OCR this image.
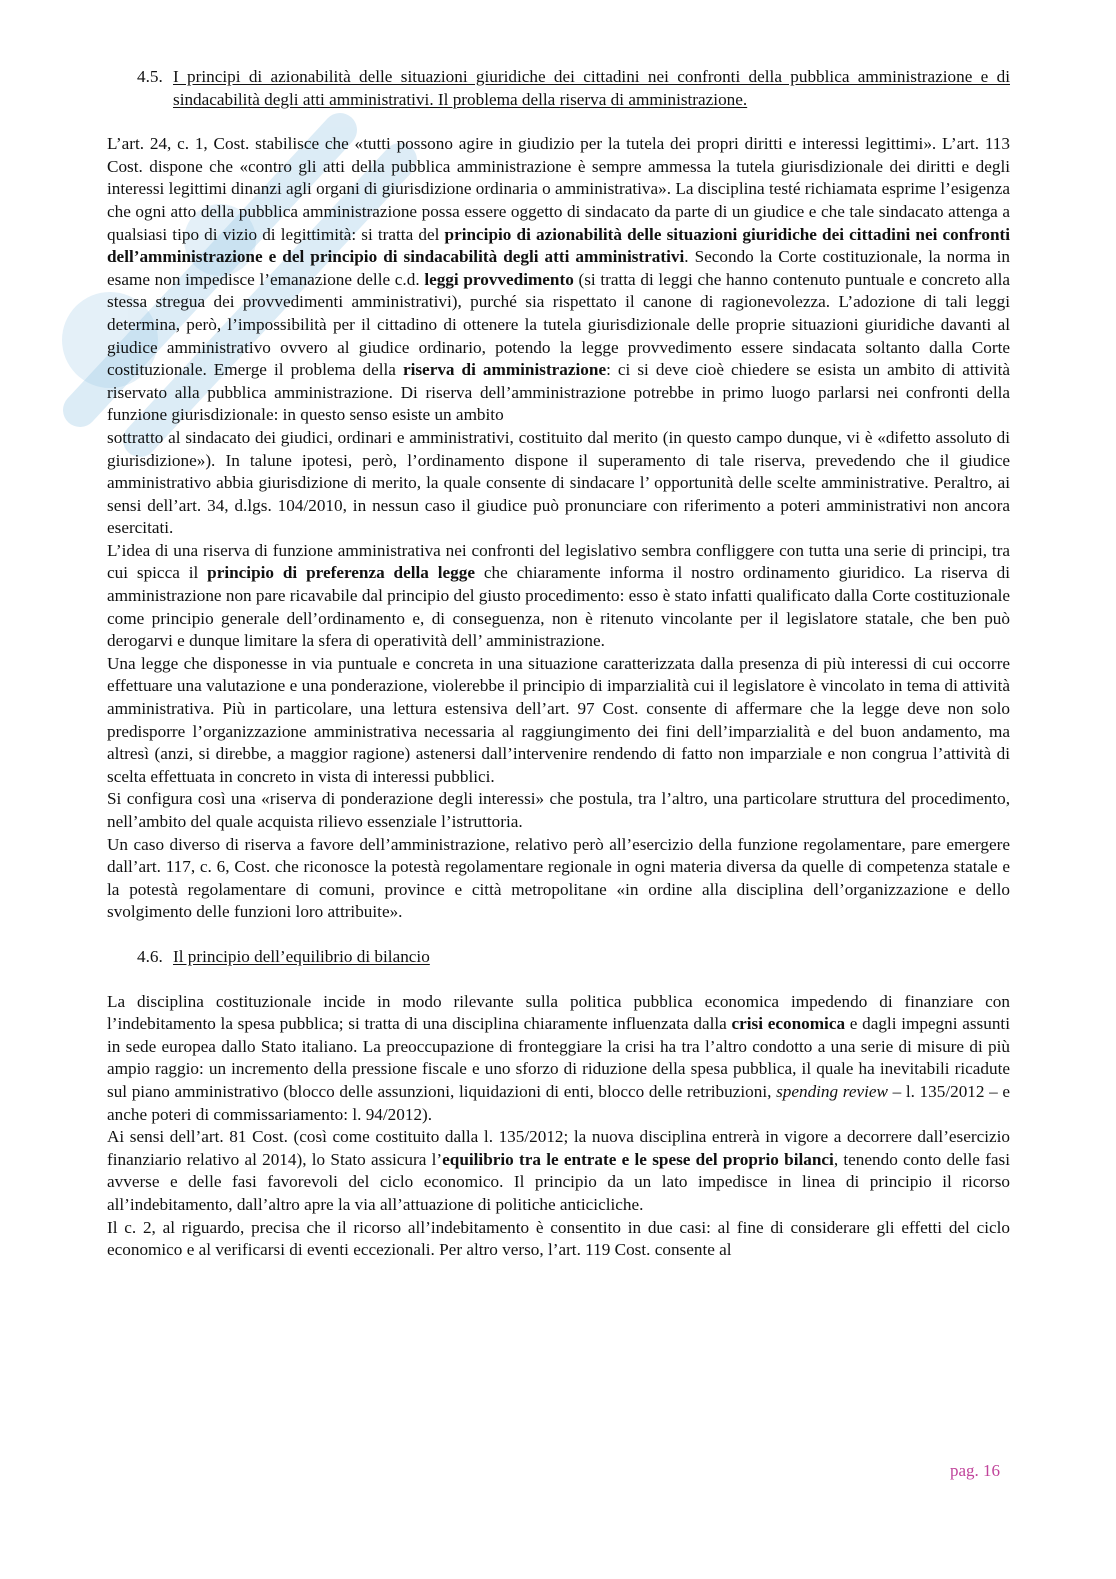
4.5. I principi di azionabilità delle situazioni giuridiche dei cittadini nei confronti della pubblica amministrazione e di sindacabilità degli atti amministrativi. Il problema della riserva di amministrazione.

L’art. 24, c. 1, Cost. stabilisce che «tutti possono agire in giudizio per la tutela dei propri diritti e interessi legittimi». L’art. 113 Cost. dispone che «contro gli atti della pubblica amministrazione è sempre ammessa la tutela giurisdizionale dei diritti e degli interessi legittimi dinanzi agli organi di giurisdizione ordinaria o amministrativa». La disciplina testé richiamata esprime l’esigenza che ogni atto della pubblica amministrazione possa essere oggetto di sindacato da parte di un giudice e che tale sindacato attenga a qualsiasi tipo di vizio di legittimità: si tratta del principio di azionabilità delle situazioni giuridiche dei cittadini nei confronti dell’amministrazione e del principio di sindacabilità degli atti amministrativi. Secondo la Corte costituzionale, la norma in esame non impedisce l’emanazione delle c.d. leggi provvedimento (si tratta di leggi che hanno contenuto puntuale e concreto alla stessa stregua dei provvedimenti amministrativi), purché sia rispettato il canone di ragionevolezza. L’adozione di tali leggi determina, però, l’impossibilità per il cittadino di ottenere la tutela giurisdizionale delle proprie situazioni giuridiche davanti al giudice amministrativo ovvero al giudice ordinario, potendo la legge provvedimento essere sindacata soltanto dalla Corte costituzionale. Emerge il problema della riserva di amministrazione: ci si deve cioè chiedere se esista un ambito di attività riservato alla pubblica amministrazione. Di riserva dell’amministrazione potrebbe in primo luogo parlarsi nei confronti della funzione giurisdizionale: in questo senso esiste un ambito

sottratto al sindacato dei giudici, ordinari e amministrativi, costituito dal merito (in questo campo dunque, vi è «difetto assoluto di giurisdizione»). In talune ipotesi, però, l’ordinamento dispone il superamento di tale riserva, prevedendo che il giudice amministrativo abbia giurisdizione di merito, la quale consente di sindacare l’ opportunità delle scelte amministrative. Peraltro, ai sensi dell’art. 34, d.lgs. 104/2010, in nessun caso il giudice può pronunciare con riferimento a poteri amministrativi non ancora esercitati.

L’idea di una riserva di funzione amministrativa nei confronti del legislativo sembra confliggere con tutta una serie di principi, tra cui spicca il principio di preferenza della legge che chiaramente informa il nostro ordinamento giuridico. La riserva di amministrazione non pare ricavabile dal principio del giusto procedimento: esso è stato infatti qualificato dalla Corte costituzionale come principio generale dell’ordinamento e, di conseguenza, non è ritenuto vincolante per il legislatore statale, che ben può derogarvi e dunque limitare la sfera di operatività dell’ amministrazione.

Una legge che disponesse in via puntuale e concreta in una situazione caratterizzata dalla presenza di più interessi di cui occorre effettuare una valutazione e una ponderazione, violerebbe il principio di imparzialità cui il legislatore è vincolato in tema di attività amministrativa. Più in particolare, una lettura estensiva dell’art. 97 Cost. consente di affermare che la legge deve non solo predisporre l’organizzazione amministrativa necessaria al raggiungimento dei fini dell’imparzialità e del buon andamento, ma altresì (anzi, si direbbe, a maggior ragione) astenersi dall’intervenire rendendo di fatto non imparziale e non congrua l’attività di scelta effettuata in concreto in vista di interessi pubblici.

Si configura così una «riserva di ponderazione degli interessi» che postula, tra l’altro, una particolare struttura del procedimento, nell’ambito del quale acquista rilievo essenziale l’istruttoria.

Un caso diverso di riserva a favore dell’amministrazione, relativo però all’esercizio della funzione regolamentare, pare emergere dall’art. 117, c. 6, Cost. che riconosce la potestà regolamentare regionale in ogni materia diversa da quelle di competenza statale e la potestà regolamentare di comuni, province e città metropolitane «in ordine alla disciplina dell’organizzazione e dello svolgimento delle funzioni loro attribuite».

4.6. Il principio dell’equilibrio di bilancio

La disciplina costituzionale incide in modo rilevante sulla politica pubblica economica impedendo di finanziare con l’indebitamento la spesa pubblica; si tratta di una disciplina chiaramente influenzata dalla crisi economica e dagli impegni assunti in sede europea dallo Stato italiano. La preoccupazione di fronteggiare la crisi ha tra l’altro condotto a una serie di misure di più ampio raggio: un incremento della pressione fiscale e uno sforzo di riduzione della spesa pubblica, il quale ha inevitabili ricadute sul piano amministrativo (blocco delle assunzioni, liquidazioni di enti, blocco delle retribuzioni, spending review – l. 135/2012 – e anche poteri di commissariamento: l. 94/2012).

Ai sensi dell’art. 81 Cost. (così come costituito dalla l. 135/2012; la nuova disciplina entrerà in vigore a decorrere dall’esercizio finanziario relativo al 2014), lo Stato assicura l’equilibrio tra le entrate e le spese del proprio bilanci, tenendo conto delle fasi avverse e delle fasi favorevoli del ciclo economico. Il principio da un lato impedisce in linea di principio il ricorso all’indebitamento, dall’altro apre la via all’attuazione di politiche anticicliche.

Il c. 2, al riguardo, precisa che il ricorso all’indebitamento è consentito in due casi: al fine di considerare gli effetti del ciclo economico e al verificarsi di eventi eccezionali. Per altro verso, l’art. 119 Cost. consente al

pag. 16
